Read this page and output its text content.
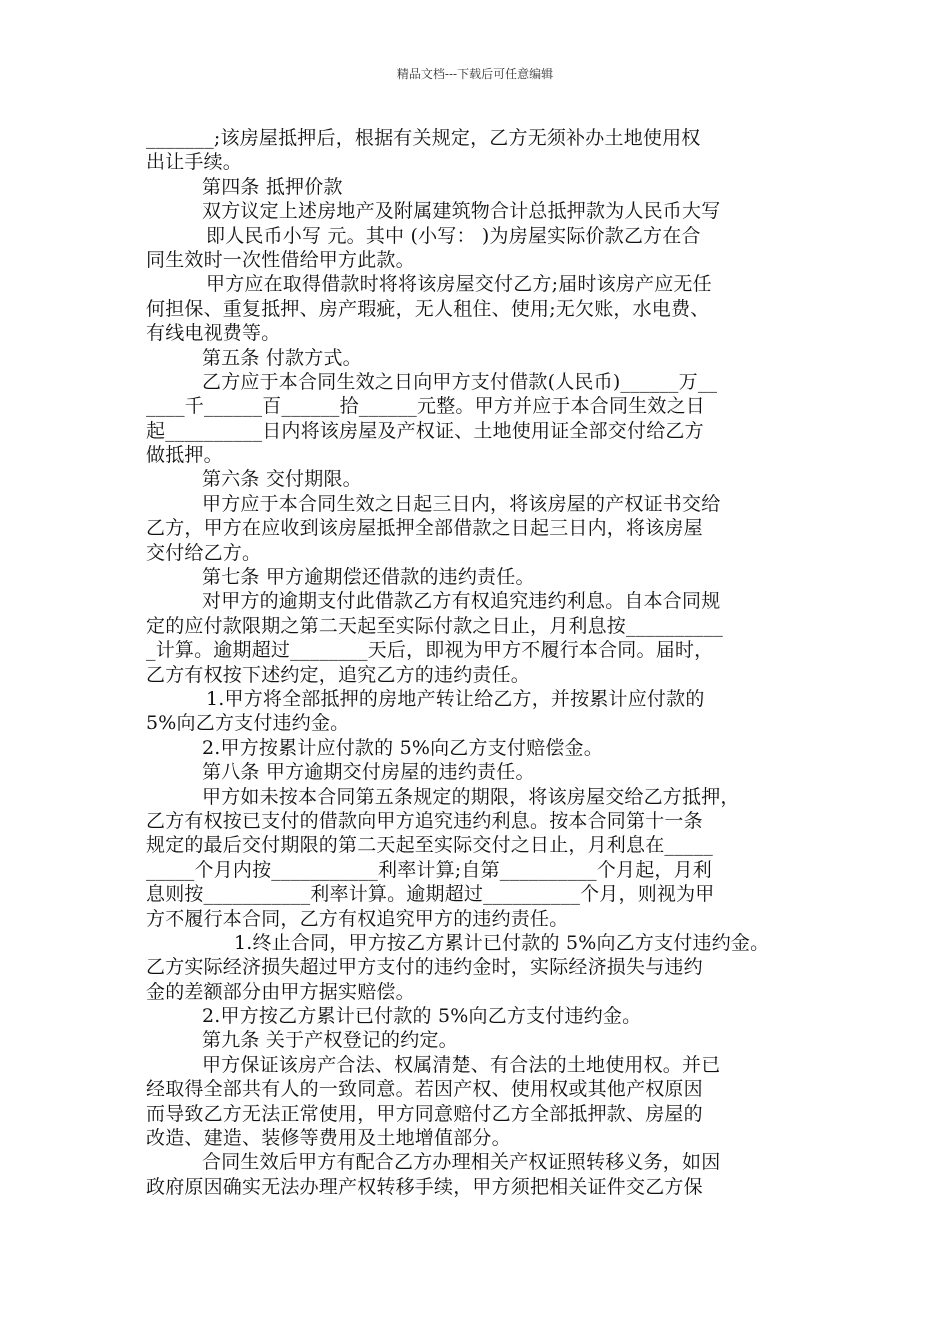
精品文档---下载后可任意编辑
_______;该房屋抵押后，根据有关规定，乙方无须补办土地使用权
出让手续。
第四条 抵押价款
双方议定上述房地产及附属建筑物合计总抵押款为人民币大写
即人民币小写 元。其中 (小写： )为房屋实际价款乙方在合
同生效时一次性借给甲方此款。
甲方应在取得借款时将将该房屋交付乙方;届时该房产应无任
何担保、重复抵押、房产瑕疵，无人租住、使用;无欠账，水电费、
有线电视费等。
第五条 付款方式。
乙方应于本合同生效之日向甲方支付借款(人民币)______万__
____千______百______拾______元整。甲方并应于本合同生效之日
起__________日内将该房屋及产权证、土地使用证全部交付给乙方
做抵押。
第六条 交付期限。
甲方应于本合同生效之日起三日内，将该房屋的产权证书交给
乙方，甲方在应收到该房屋抵押全部借款之日起三日内，将该房屋
交付给乙方。
第七条 甲方逾期偿还借款的违约责任。
对甲方的逾期支付此借款乙方有权追究违约利息。自本合同规
定的应付款限期之第二天起至实际付款之日止，月利息按__________
_计算。逾期超过________天后，即视为甲方不履行本合同。届时，
乙方有权按下述约定，追究乙方的违约责任。
1.甲方将全部抵押的房地产转让给乙方，并按累计应付款的
5%向乙方支付违约金。
2.甲方按累计应付款的 5%向乙方支付赔偿金。
第八条 甲方逾期交付房屋的违约责任。
甲方如未按本合同第五条规定的期限，将该房屋交给乙方抵押，
乙方有权按已支付的借款向甲方追究违约利息。按本合同第十一条
规定的最后交付期限的第二天起至实际交付之日止，月利息在_____
_____个月内按___________利率计算;自第__________个月起，月利
息则按___________利率计算。逾期超过__________个月，则视为甲
方不履行本合同，乙方有权追究甲方的违约责任。
1.终止合同，甲方按乙方累计已付款的 5%向乙方支付违约金。
乙方实际经济损失超过甲方支付的违约金时，实际经济损失与违约
金的差额部分由甲方据实赔偿。
2.甲方按乙方累计已付款的 5%向乙方支付违约金。
第九条 关于产权登记的约定。
甲方保证该房产合法、权属清楚、有合法的土地使用权。并已
经取得全部共有人的一致同意。若因产权、使用权或其他产权原因
而导致乙方无法正常使用，甲方同意赔付乙方全部抵押款、房屋的
改造、建造、装修等费用及土地增值部分。
合同生效后甲方有配合乙方办理相关产权证照转移义务，如因
政府原因确实无法办理产权转移手续，甲方须把相关证件交乙方保
